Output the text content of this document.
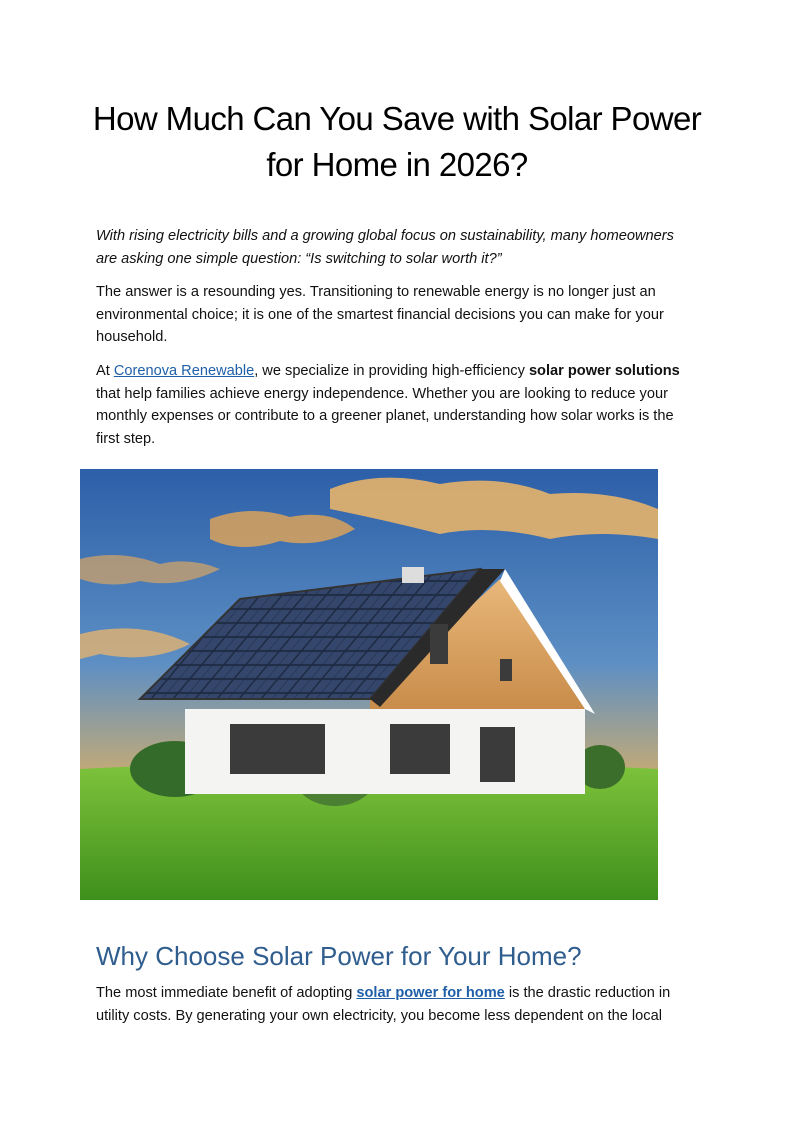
How Much Can You Save with Solar Power
for Home in 2026?

With rising electricity bills and a growing global focus on sustainability, many homeowners are asking one simple question: “Is switching to solar worth it?”

The answer is a resounding yes. Transitioning to renewable energy is no longer just an environmental choice; it is one of the smartest financial decisions you can make for your household.

At Corenova Renewable, we specialize in providing high-efficiency solar power solutions that help families achieve energy independence. Whether you are looking to reduce your monthly expenses or contribute to a greener planet, understanding how solar works is the first step.

Why Choose Solar Power for Your Home?

The most immediate benefit of adopting solar power for home is the drastic reduction in utility costs. By generating your own electricity, you become less dependent on the local
